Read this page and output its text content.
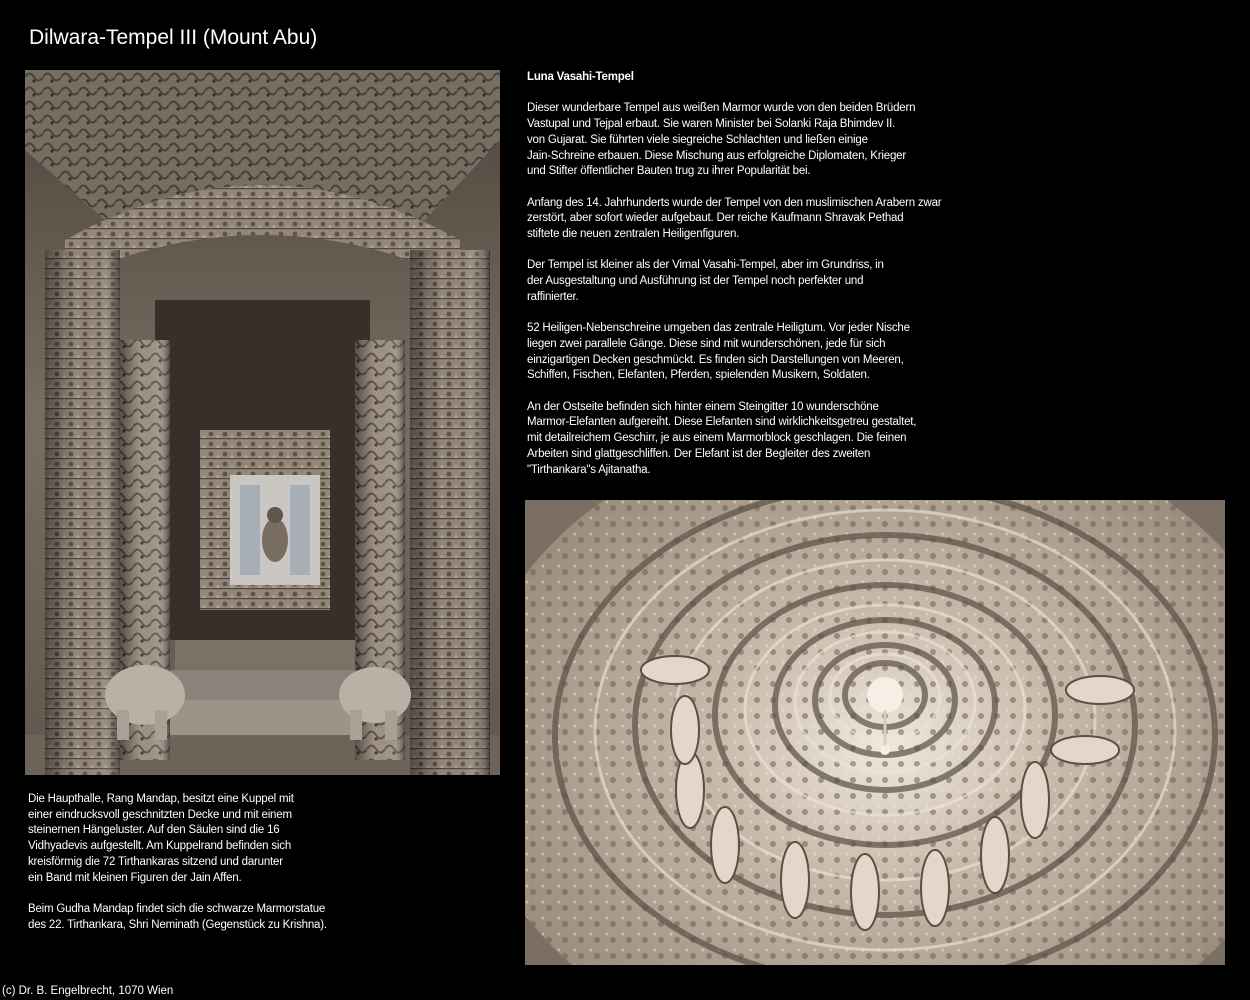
Dilwara-Tempel III (Mount Abu)
Luna Vasahi-Tempel

Dieser wunderbare Tempel aus weißen Marmor wurde von den beiden Brüdern
Vastupal und Tejpal erbaut. Sie waren Minister bei Solanki Raja Bhimdev II.
von Gujarat. Sie führten viele siegreiche Schlachten und ließen einige
Jain-Schreine erbauen. Diese Mischung aus erfolgreiche Diplomaten, Krieger
und Stifter öffentlicher Bauten trug zu ihrer Popularität bei.

Anfang des 14. Jahrhunderts wurde der Tempel von den muslimischen Arabern zwar
zerstört, aber sofort wieder aufgebaut. Der reiche Kaufmann Shravak Pethad
stiftete die neuen zentralen Heiligenfiguren.

Der Tempel ist kleiner als der Vimal Vasahi-Tempel, aber im Grundriss, in
der Ausgestaltung und Ausführung ist der Tempel noch perfekter und
raffinierter.

52 Heiligen-Nebenschreine umgeben das zentrale Heiligtum. Vor jeder Nische
liegen zwei parallele Gänge. Diese sind mit wunderschönen, jede für sich
einzigartigen Decken geschmückt. Es finden sich Darstellungen von Meeren,
Schiffen, Fischen, Elefanten, Pferden, spielenden Musikern, Soldaten.

An der Ostseite befinden sich hinter einem Steingitter 10 wunderschöne
Marmor-Elefanten aufgereiht. Diese Elefanten sind wirklichkeitsgetreu gestaltet,
mit detailreichem Geschirr, je aus einem Marmorblock geschlagen. Die feinen
Arbeiten sind glattgeschliffen. Der Elefant ist der Begleiter des zweiten
"Tirthankara"s Ajitanatha.

Die Haupthalle, Rang Mandap, besitzt eine Kuppel mit
einer eindrucksvoll geschnitzten Decke und mit einem
steinernen Hängeluster. Auf den Säulen sind die 16
Vidhyadevis aufgestellt. Am Kuppelrand befinden sich
kreisförmig die 72 Tirthankaras sitzend und darunter
ein Band mit kleinen Figuren der Jain Affen.

Beim Gudha Mandap findet sich die schwarze Marmorstatue
des 22. Tirthankara, Shri Neminath (Gegenstück zu Krishna).

(c) Dr. B. Engelbrecht, 1070 Wien
